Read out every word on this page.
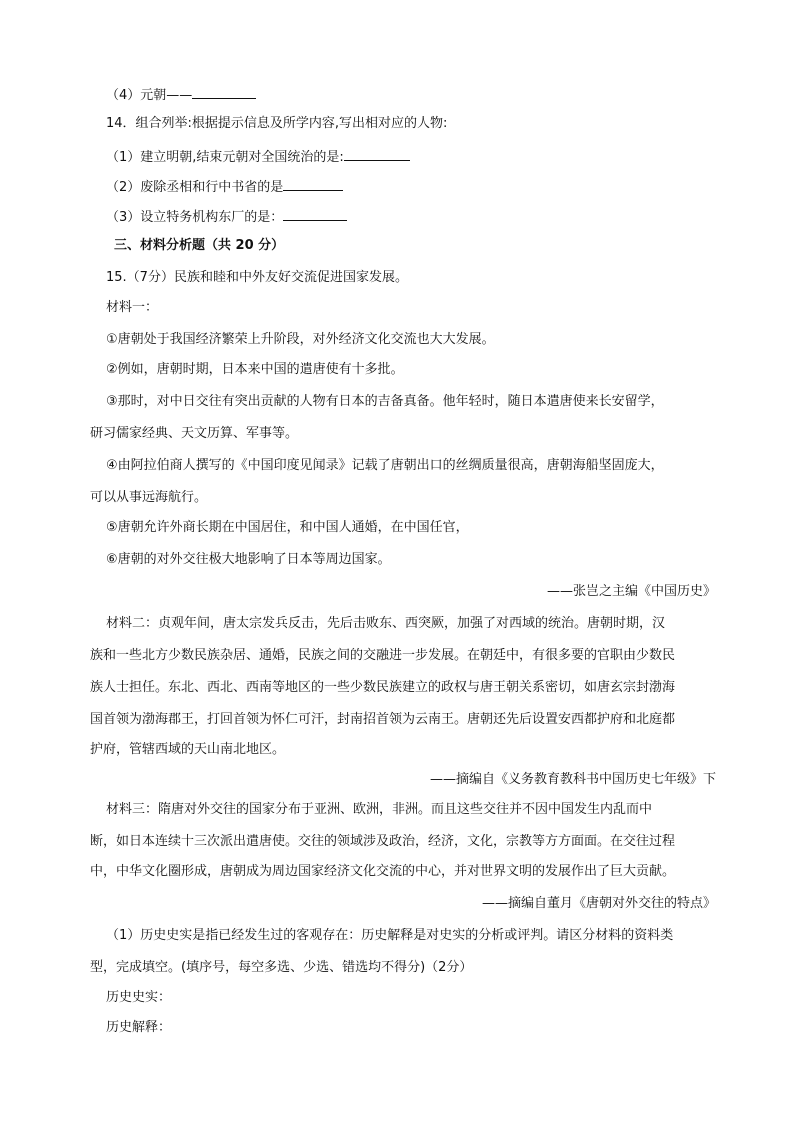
（4）元朝——
14．组合列举:根据提示信息及所学内容,写出相对应的人物:
（1）建立明朝,结束元朝对全国统治的是:
（2）废除丞相和行中书省的是
（3）设立特务机构东厂的是：
三、材料分析题（共 20 分）
15.（7分）民族和睦和中外友好交流促进国家发展。
材料一：
①唐朝处于我国经济繁荣上升阶段，对外经济文化交流也大大发展。
②例如，唐朝时期，日本来中国的遣唐使有十多批。
③那时，对中日交往有突出贡献的人物有日本的吉备真备。他年轻时，随日本遣唐使来长安留学，
研习儒家经典、天文历算、军事等。
④由阿拉伯商人撰写的《中国印度见闻录》记载了唐朝出口的丝绸质量很高，唐朝海船坚固庞大，
可以从事远海航行。
⑤唐朝允许外商长期在中国居住，和中国人通婚，在中国任官，
⑥唐朝的对外交往极大地影响了日本等周边国家。
——张岂之主编《中国历史》
材料二：贞观年间，唐太宗发兵反击，先后击败东、西突厥，加强了对西域的统治。唐朝时期，汉
族和一些北方少数民族杂居、通婚，民族之间的交融进一步发展。在朝廷中，有很多要的官职由少数民
族人士担任。东北、西北、西南等地区的一些少数民族建立的政权与唐王朝关系密切，如唐玄宗封渤海
国首领为渤海郡王，打回首领为怀仁可汗，封南招首领为云南王。唐朝还先后设置安西都护府和北庭都
护府，管辖西域的天山南北地区。
——摘编自《义务教育教科书中国历史七年级》下
材料三：隋唐对外交往的国家分布于亚洲、欧洲，非洲。而且这些交往并不因中国发生内乱而中
断，如日本连续十三次派出遣唐使。交往的领域涉及政治，经济，文化，宗教等方方面面。在交往过程
中，中华文化圈形成，唐朝成为周边国家经济文化交流的中心，并对世界文明的发展作出了巨大贡献。
——摘编自董月《唐朝对外交往的特点》
（1）历史史实是指已经发生过的客观存在：历史解释是对史实的分析或评判。请区分材料的资料类
型，完成填空。(填序号，每空多选、少选、错选均不得分)（2分）
历史史实：
历史解释：
